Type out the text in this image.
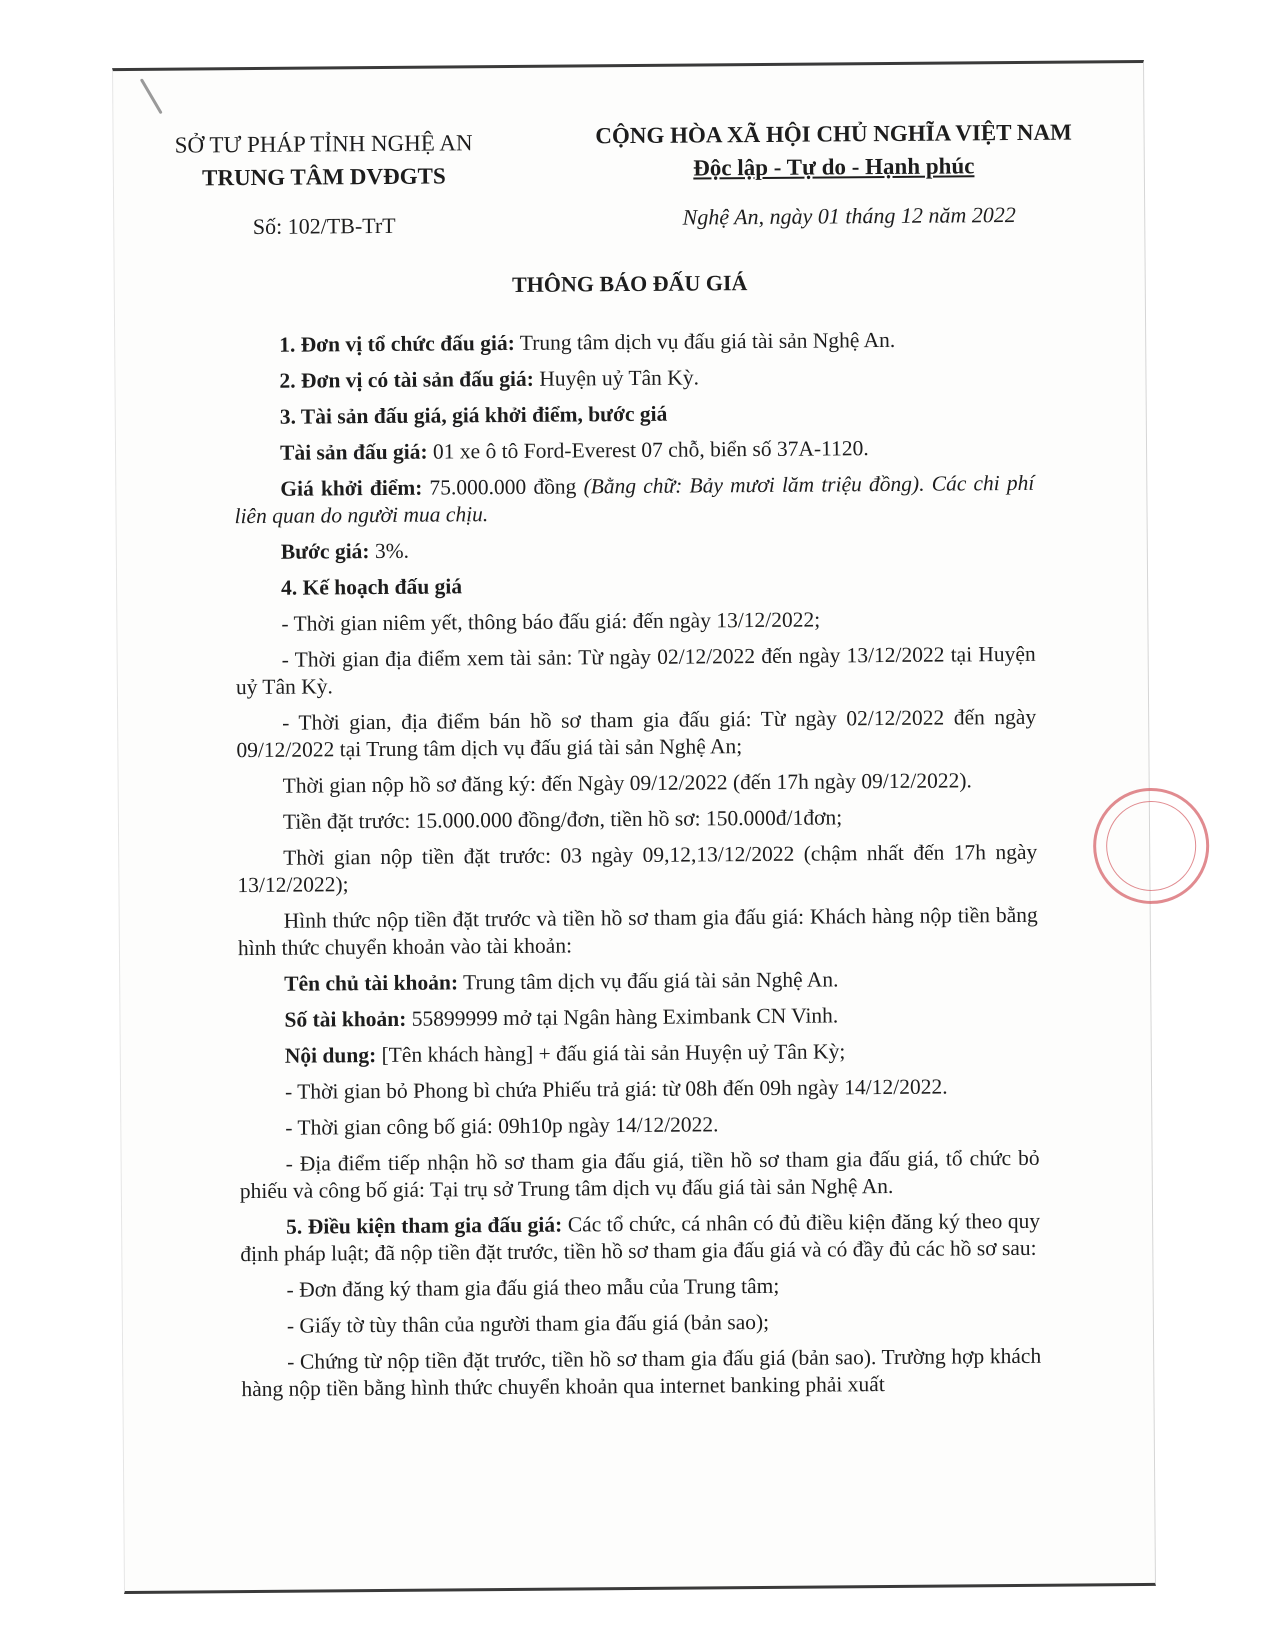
SỞ TƯ PHÁP TỈNH NGHỆ AN
TRUNG TÂM DVĐGTS
CỘNG HÒA XÃ HỘI CHỦ NGHĨA VIỆT NAM
Độc lập - Tự do - Hạnh phúc
Số: 102/TB-TrT	Nghệ An, ngày 01 tháng 12 năm 2022
THÔNG BÁO ĐẤU GIÁ

1. Đơn vị tổ chức đấu giá: Trung tâm dịch vụ đấu giá tài sản Nghệ An.

2. Đơn vị có tài sản đấu giá: Huyện uỷ Tân Kỳ.

3. Tài sản đấu giá, giá khởi điểm, bước giá

Tài sản đấu giá: 01 xe ô tô Ford-Everest 07 chỗ, biển số 37A-1120.

Giá khởi điểm: 75.000.000 đồng (Bằng chữ: Bảy mươi lăm triệu đồng). Các chi phí liên quan do người mua chịu.

Bước giá: 3%.

4. Kế hoạch đấu giá

- Thời gian niêm yết, thông báo đấu giá: đến ngày 13/12/2022;

- Thời gian địa điểm xem tài sản: Từ ngày 02/12/2022 đến ngày 13/12/2022 tại Huyện uỷ Tân Kỳ.

- Thời gian, địa điểm bán hồ sơ tham gia đấu giá: Từ ngày 02/12/2022 đến ngày 09/12/2022 tại Trung tâm dịch vụ đấu giá tài sản Nghệ An;

Thời gian nộp hồ sơ đăng ký: đến Ngày 09/12/2022 (đến 17h ngày 09/12/2022).

Tiền đặt trước: 15.000.000 đồng/đơn, tiền hồ sơ: 150.000đ/1đơn;

Thời gian nộp tiền đặt trước: 03 ngày 09,12,13/12/2022 (chậm nhất đến 17h ngày 13/12/2022);

Hình thức nộp tiền đặt trước và tiền hồ sơ tham gia đấu giá: Khách hàng nộp tiền bằng hình thức chuyển khoản vào tài khoản:

Tên chủ tài khoản: Trung tâm dịch vụ đấu giá tài sản Nghệ An.

Số tài khoản: 55899999 mở tại Ngân hàng Eximbank CN Vinh.

Nội dung: [Tên khách hàng] + đấu giá tài sản Huyện uỷ Tân Kỳ;

- Thời gian bỏ Phong bì chứa Phiếu trả giá: từ 08h đến 09h ngày 14/12/2022.

- Thời gian công bố giá: 09h10p ngày 14/12/2022.

- Địa điểm tiếp nhận hồ sơ tham gia đấu giá, tiền hồ sơ tham gia đấu giá, tổ chức bỏ phiếu và công bố giá: Tại trụ sở Trung tâm dịch vụ đấu giá tài sản Nghệ An.

5. Điều kiện tham gia đấu giá: Các tổ chức, cá nhân có đủ điều kiện đăng ký theo quy định pháp luật; đã nộp tiền đặt trước, tiền hồ sơ tham gia đấu giá và có đầy đủ các hồ sơ sau:

- Đơn đăng ký tham gia đấu giá theo mẫu của Trung tâm;

- Giấy tờ tùy thân của người tham gia đấu giá (bản sao);

- Chứng từ nộp tiền đặt trước, tiền hồ sơ tham gia đấu giá (bản sao). Trường hợp khách hàng nộp tiền bằng hình thức chuyển khoản qua internet banking phải xuất
